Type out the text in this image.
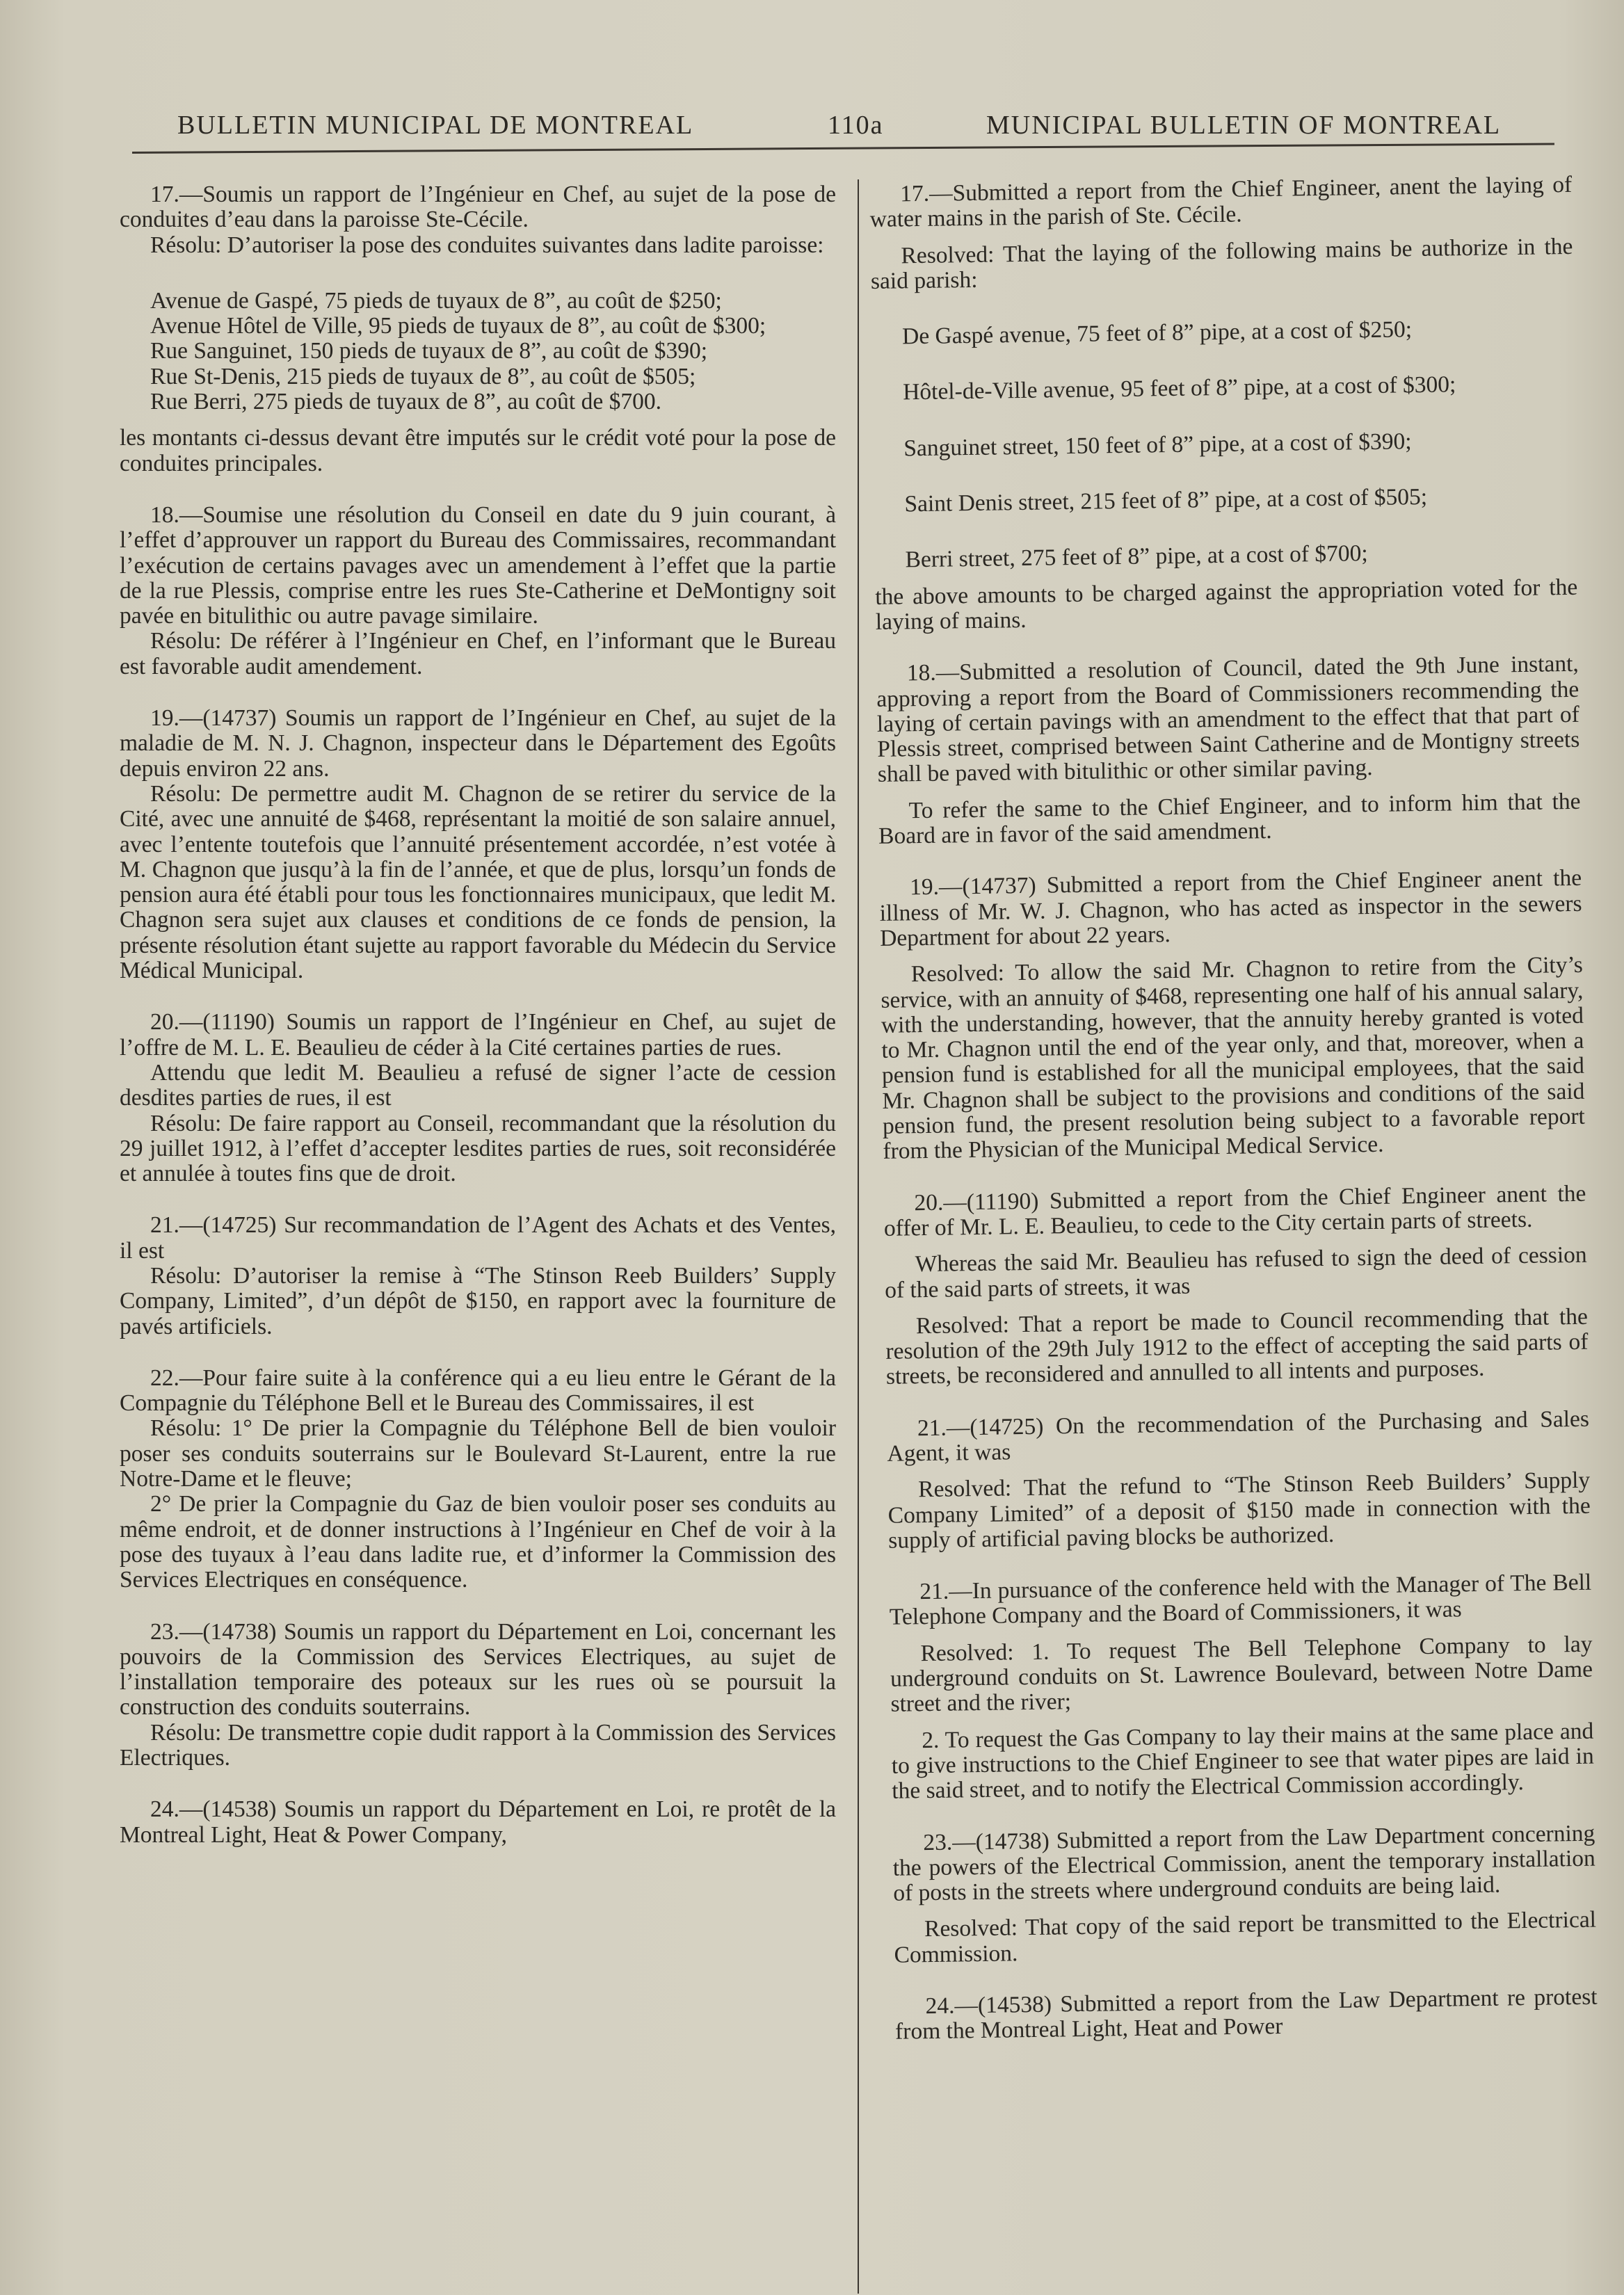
BULLETIN MUNICIPAL DE MONTREAL	110a	MUNICIPAL BULLETIN OF MONTREAL

17.—Soumis un rapport de l’Ingénieur en Chef, au sujet de la pose de conduites d’eau dans la paroisse Ste-Cécile.

Résolu: D’autoriser la pose des conduites suivantes dans ladite paroisse:

Avenue de Gaspé, 75 pieds de tuyaux de 8”, au coût de $250;

Avenue Hôtel de Ville, 95 pieds de tuyaux de 8”, au coût de $300;

Rue Sanguinet, 150 pieds de tuyaux de 8”, au coût de $390;

Rue St-Denis, 215 pieds de tuyaux de 8”, au coût de $505;

Rue Berri, 275 pieds de tuyaux de 8”, au coût de $700.

les montants ci-dessus devant être imputés sur le crédit voté pour la pose de conduites principales.

18.—Soumise une résolution du Conseil en date du 9 juin courant, à l’effet d’approuver un rapport du Bureau des Commissaires, recommandant l’exécution de certains pavages avec un amendement à l’effet que la partie de la rue Plessis, comprise entre les rues Ste-Catherine et DeMontigny soit pavée en bitulithic ou autre pavage similaire.

Résolu: De référer à l’Ingénieur en Chef, en l’informant que le Bureau est favorable audit amendement.

19.—(14737) Soumis un rapport de l’Ingénieur en Chef, au sujet de la maladie de M. N. J. Chagnon, inspecteur dans le Département des Egoûts depuis environ 22 ans.

Résolu: De permettre audit M. Chagnon de se retirer du service de la Cité, avec une annuité de $468, représentant la moitié de son salaire annuel, avec l’entente toutefois que l’annuité présentement accordée, n’est votée à M. Chagnon que jusqu’à la fin de l’année, et que de plus, lorsqu’un fonds de pension aura été établi pour tous les fonctionnaires municipaux, que ledit M. Chagnon sera sujet aux clauses et conditions de ce fonds de pension, la présente résolution étant sujette au rapport favorable du Médecin du Service Médical Municipal.

20.—(11190) Soumis un rapport de l’Ingénieur en Chef, au sujet de l’offre de M. L. E. Beaulieu de céder à la Cité certaines parties de rues.

Attendu que ledit M. Beaulieu a refusé de signer l’acte de cession desdites parties de rues, il est

Résolu: De faire rapport au Conseil, recommandant que la résolution du 29 juillet 1912, à l’effet d’accepter lesdites parties de rues, soit reconsidérée et annulée à toutes fins que de droit.

21.—(14725) Sur recommandation de l’Agent des Achats et des Ventes, il est

Résolu: D’autoriser la remise à “The Stinson Reeb Builders’ Supply Company, Limited”, d’un dépôt de $150, en rapport avec la fourniture de pavés artificiels.

22.—Pour faire suite à la conférence qui a eu lieu entre le Gérant de la Compagnie du Téléphone Bell et le Bureau des Commissaires, il est

Résolu: 1° De prier la Compagnie du Téléphone Bell de bien vouloir poser ses conduits souterrains sur le Boulevard St-Laurent, entre la rue Notre-Dame et le fleuve;

2° De prier la Compagnie du Gaz de bien vouloir poser ses conduits au même endroit, et de donner instructions à l’Ingénieur en Chef de voir à la pose des tuyaux à l’eau dans ladite rue, et d’informer la Commission des Services Electriques en conséquence.

23.—(14738) Soumis un rapport du Département en Loi, concernant les pouvoirs de la Commission des Services Electriques, au sujet de l’installation temporaire des poteaux sur les rues où se poursuit la construction des conduits souterrains.

Résolu: De transmettre copie dudit rapport à la Commission des Services Electriques.

24.—(14538) Soumis un rapport du Département en Loi, re protêt de la Montreal Light, Heat & Power Company,

17.—Submitted a report from the Chief Engineer, anent the laying of water mains in the parish of Ste. Cécile.

Resolved: That the laying of the following mains be authorize in the said parish:

De Gaspé avenue, 75 feet of 8” pipe, at a cost of $250;

Hôtel-de-Ville avenue, 95 feet of 8” pipe, at a cost of $300;

Sanguinet street, 150 feet of 8” pipe, at a cost of $390;

Saint Denis street, 215 feet of 8” pipe, at a cost of $505;

Berri street, 275 feet of 8” pipe, at a cost of $700;

the above amounts to be charged against the appropriation voted for the laying of mains.

18.—Submitted a resolution of Council, dated the 9th June instant, approving a report from the Board of Commissioners recommending the laying of certain pavings with an amendment to the effect that that part of Plessis street, comprised between Saint Catherine and de Montigny streets shall be paved with bitulithic or other similar paving.

To refer the same to the Chief Engineer, and to inform him that the Board are in favor of the said amendment.

19.—(14737) Submitted a report from the Chief Engineer anent the illness of Mr. W. J. Chagnon, who has acted as inspector in the sewers Department for about 22 years.

Resolved: To allow the said Mr. Chagnon to retire from the City’s service, with an annuity of $468, representing one half of his annual salary, with the understanding, however, that the annuity hereby granted is voted to Mr. Chagnon until the end of the year only, and that, moreover, when a pension fund is established for all the municipal employees, that the said Mr. Chagnon shall be subject to the provisions and conditions of the said pension fund, the present resolution being subject to a favorable report from the Physician of the Municipal Medical Service.

20.—(11190) Submitted a report from the Chief Engineer anent the offer of Mr. L. E. Beaulieu, to cede to the City certain parts of streets.

Whereas the said Mr. Beaulieu has refused to sign the deed of cession of the said parts of streets, it was

Resolved: That a report be made to Council recommending that the resolution of the 29th July 1912 to the effect of accepting the said parts of streets, be reconsidered and annulled to all intents and purposes.

21.—(14725) On the recommendation of the Purchasing and Sales Agent, it was

Resolved: That the refund to “The Stinson Reeb Builders’ Supply Company Limited” of a deposit of $150 made in connection with the supply of artificial paving blocks be authorized.

21.—In pursuance of the conference held with the Manager of The Bell Telephone Company and the Board of Commissioners, it was

Resolved: 1. To request The Bell Telephone Company to lay underground conduits on St. Lawrence Boulevard, between Notre Dame street and the river;

2. To request the Gas Company to lay their mains at the same place and to give instructions to the Chief Engineer to see that water pipes are laid in the said street, and to notify the Electrical Commission accordingly.

23.—(14738) Submitted a report from the Law Department concerning the powers of the Electrical Commission, anent the temporary installation of posts in the streets where underground conduits are being laid.

Resolved: That copy of the said report be transmitted to the Electrical Commission.

24.—(14538) Submitted a report from the Law Department re protest from the Montreal Light, Heat and Power
